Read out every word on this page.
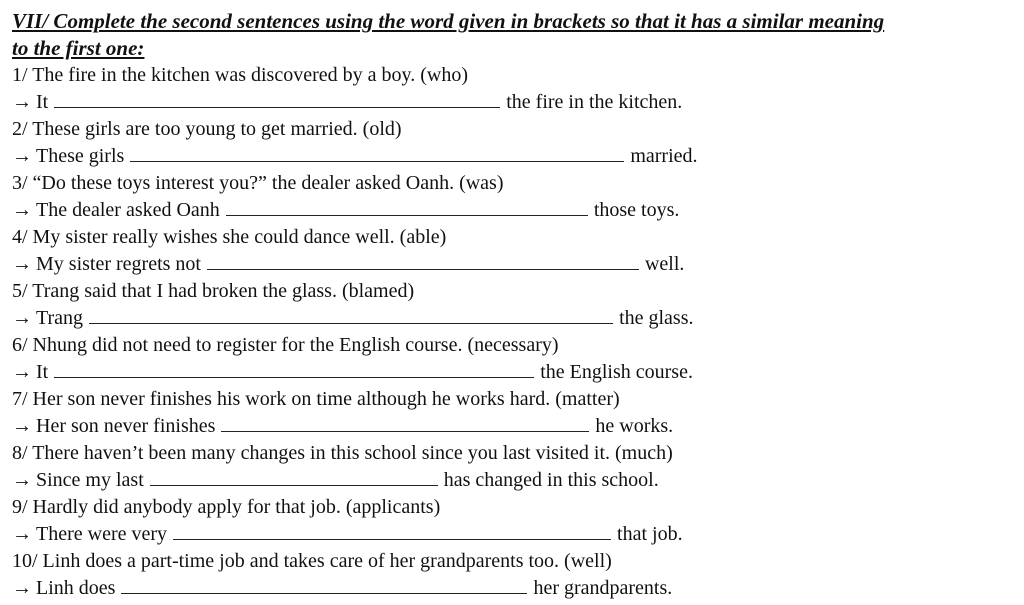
VII/ Complete the second sentences using the word given in brackets so that it has a similar meaning
to the first one:

1/ The fire in the kitchen was discovered by a boy. (who)
→ It	the fire in the kitchen.
2/ These girls are too young to get married. (old)
→ These girls	married.
3/ “Do these toys interest you?” the dealer asked Oanh. (was)
→ The dealer asked Oanh	those toys.
4/ My sister really wishes she could dance well. (able)
→ My sister regrets not	well.
5/ Trang said that I had broken the glass. (blamed)
→ Trang	the glass.
6/ Nhung did not need to register for the English course. (necessary)
→ It	the English course.
7/ Her son never finishes his work on time although he works hard. (matter)
→ Her son never finishes	he works.
8/ There haven’t been many changes in this school since you last visited it. (much)
→ Since my last	has changed in this school.
9/ Hardly did anybody apply for that job. (applicants)
→ There were very	that job.
10/ Linh does a part-time job and takes care of her grandparents too. (well)
→ Linh does	her grandparents.
